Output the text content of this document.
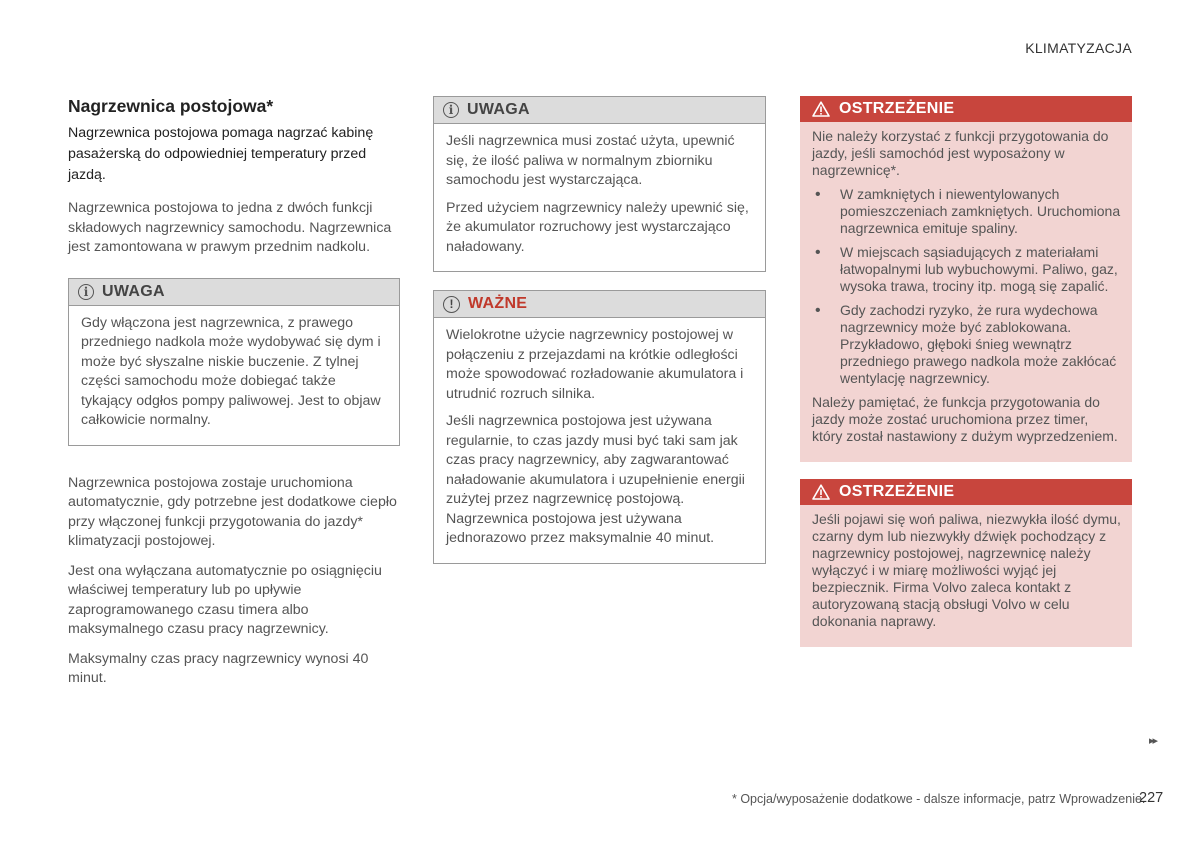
KLIMATYZACJA
Nagrzewnica postojowa*
Nagrzewnica postojowa pomaga nagrzać kabinę pasażerską do odpowiedniej temperatury przed jazdą.
Nagrzewnica postojowa to jedna z dwóch funkcji składowych nagrzewnicy samochodu. Nagrzewnica jest zamontowana w prawym przednim nadkolu.
i UWAGA
Gdy włączona jest nagrzewnica, z prawego przedniego nadkola może wydobywać się dym i może być słyszalne niskie buczenie. Z tylnej części samochodu może dobiegać także tykający odgłos pompy paliwowej. Jest to objaw całkowicie normalny.
Nagrzewnica postojowa zostaje uruchomiona automatycznie, gdy potrzebne jest dodatkowe ciepło przy włączonej funkcji przygotowania do jazdy* klimatyzacji postojowej.
Jest ona wyłączana automatycznie po osiągnięciu właściwej temperatury lub po upływie zaprogramowanego czasu timera albo maksymalnego czasu pracy nagrzewnicy.
Maksymalny czas pracy nagrzewnicy wynosi 40 minut.
i UWAGA
Jeśli nagrzewnica musi zostać użyta, upewnić się, że ilość paliwa w normalnym zbiorniku samochodu jest wystarczająca.
Przed użyciem nagrzewnicy należy upewnić się, że akumulator rozruchowy jest wystarczająco naładowany.
! WAŻNE
Wielokrotne użycie nagrzewnicy postojowej w połączeniu z przejazdami na krótkie odległości może spowodować rozładowanie akumulatora i utrudnić rozruch silnika.
Jeśli nagrzewnica postojowa jest używana regularnie, to czas jazdy musi być taki sam jak czas pracy nagrzewnicy, aby zagwarantować naładowanie akumulatora i uzupełnienie energii zużytej przez nagrzewnicę postojową. Nagrzewnica postojowa jest używana jednorazowo przez maksymalnie 40 minut.
OSTRZEŻENIE
Nie należy korzystać z funkcji przygotowania do jazdy, jeśli samochód jest wyposażony w nagrzewnicę*.
• W zamkniętych i niewentylowanych pomieszczeniach zamkniętych. Uruchomiona nagrzewnica emituje spaliny.
• W miejscach sąsiadujących z materiałami łatwopalnymi lub wybuchowymi. Paliwo, gaz, wysoka trawa, trociny itp. mogą się zapalić.
• Gdy zachodzi ryzyko, że rura wydechowa nagrzewnicy może być zablokowana. Przykładowo, głęboki śnieg wewnątrz przedniego prawego nadkola może zakłócać wentylację nagrzewnicy.
Należy pamiętać, że funkcja przygotowania do jazdy może zostać uruchomiona przez timer, który został nastawiony z dużym wyprzedzeniem.
OSTRZEŻENIE
Jeśli pojawi się woń paliwa, niezwykła ilość dymu, czarny dym lub niezwykły dźwięk pochodzący z nagrzewnicy postojowej, nagrzewnicę należy wyłączyć i w miarę możliwości wyjąć jej bezpiecznik. Firma Volvo zaleca kontakt z autoryzowaną stacją obsługi Volvo w celu dokonania naprawy.
▸▸
* Opcja/wyposażenie dodatkowe - dalsze informacje, patrz Wprowadzenie.
227
